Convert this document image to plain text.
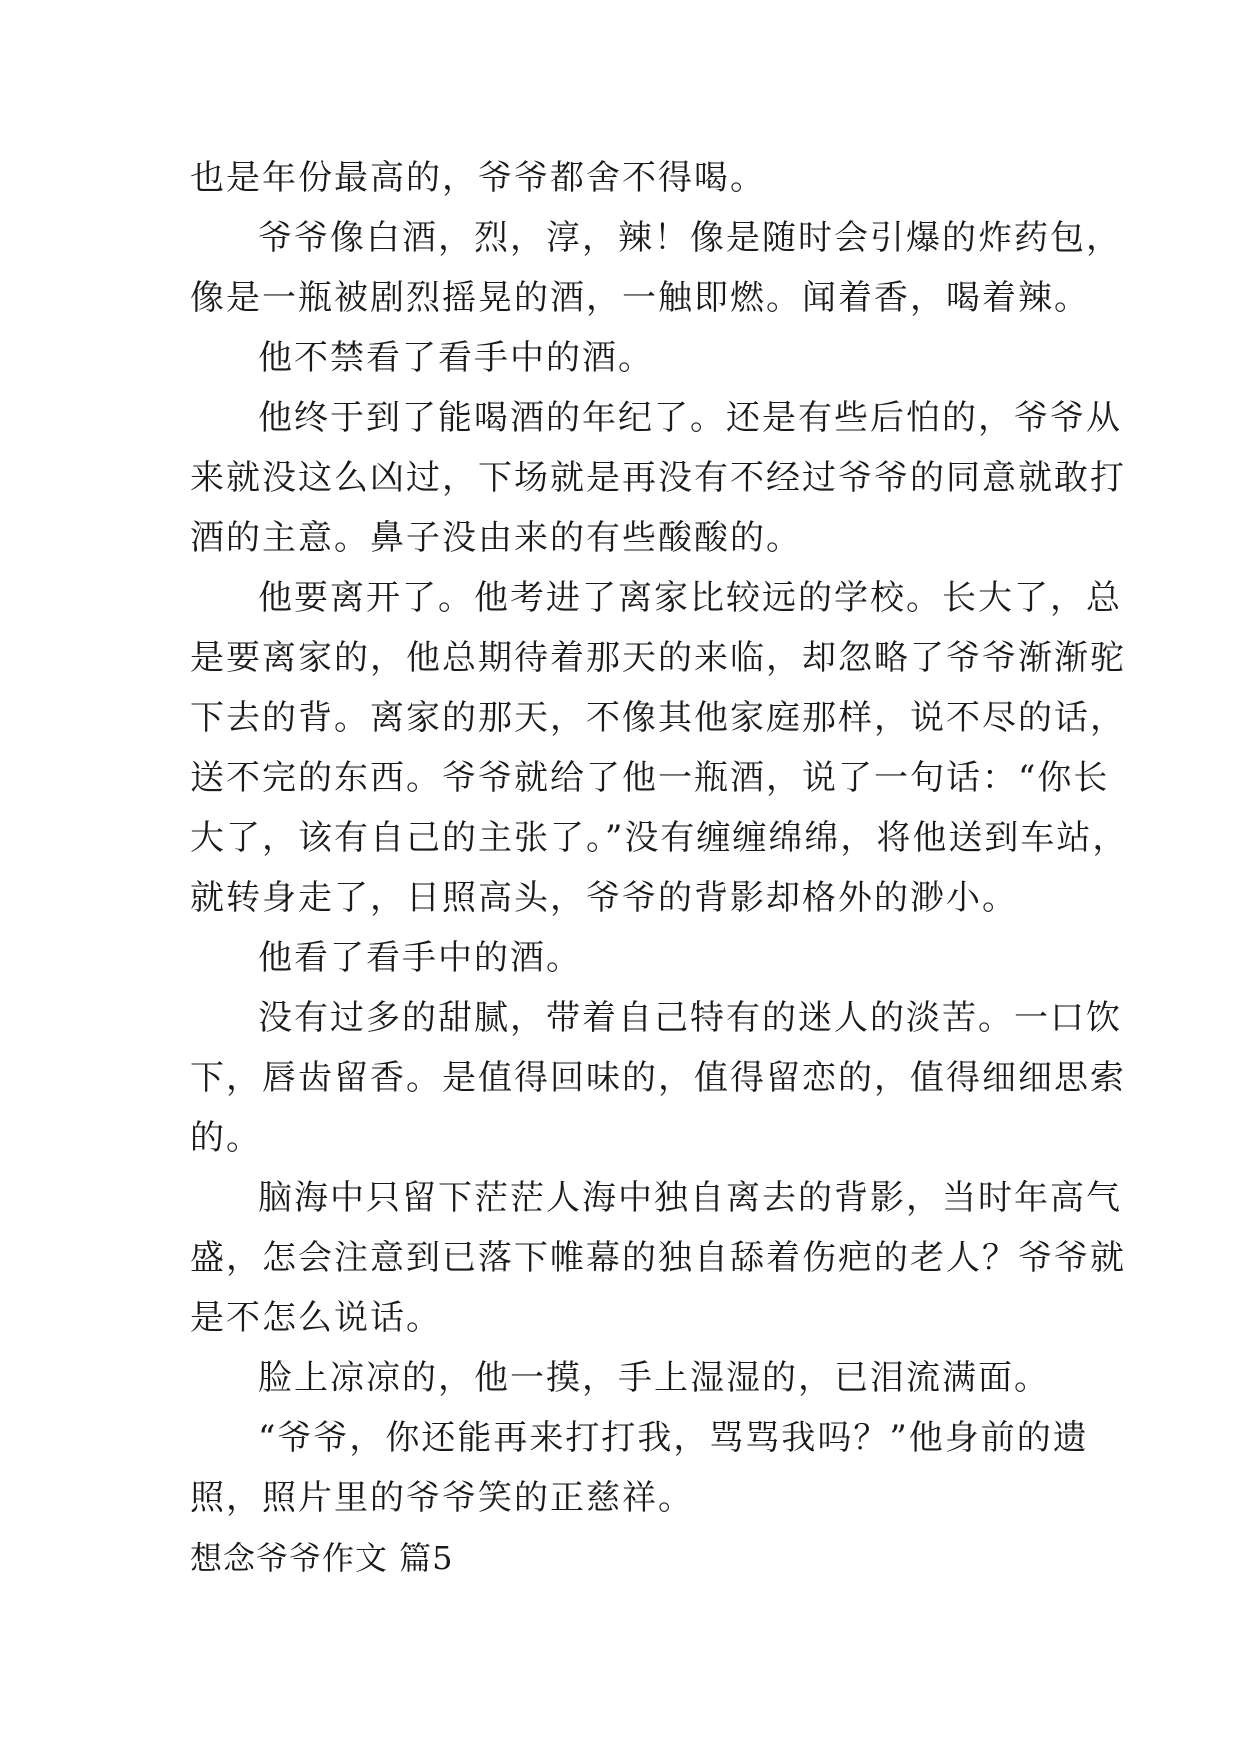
也是年份最高的，爷爷都舍不得喝。
爷爷像白酒，烈，淳，辣！像是随时会引爆的炸药包，
像是一瓶被剧烈摇晃的酒，一触即燃。闻着香，喝着辣。
他不禁看了看手中的酒。
他终于到了能喝酒的年纪了。还是有些后怕的，爷爷从
来就没这么凶过，下场就是再没有不经过爷爷的同意就敢打
酒的主意。鼻子没由来的有些酸酸的。
他要离开了。他考进了离家比较远的学校。长大了，总
是要离家的，他总期待着那天的来临，却忽略了爷爷渐渐驼
下去的背。离家的那天，不像其他家庭那样，说不尽的话，
送不完的东西。爷爷就给了他一瓶酒，说了一句话：“你长
大了，该有自己的主张了。”没有缠缠绵绵，将他送到车站，
就转身走了，日照高头，爷爷的背影却格外的渺小。
他看了看手中的酒。
没有过多的甜腻，带着自己特有的迷人的淡苦。一口饮
下，唇齿留香。是值得回味的，值得留恋的，值得细细思索
的。
脑海中只留下茫茫人海中独自离去的背影，当时年高气
盛，怎会注意到已落下帷幕的独自舔着伤疤的老人？爷爷就
是不怎么说话。
脸上凉凉的，他一摸，手上湿湿的，已泪流满面。
“爷爷，你还能再来打打我，骂骂我吗？”他身前的遗
照，照片里的爷爷笑的正慈祥。
想念爷爷作文 篇5
